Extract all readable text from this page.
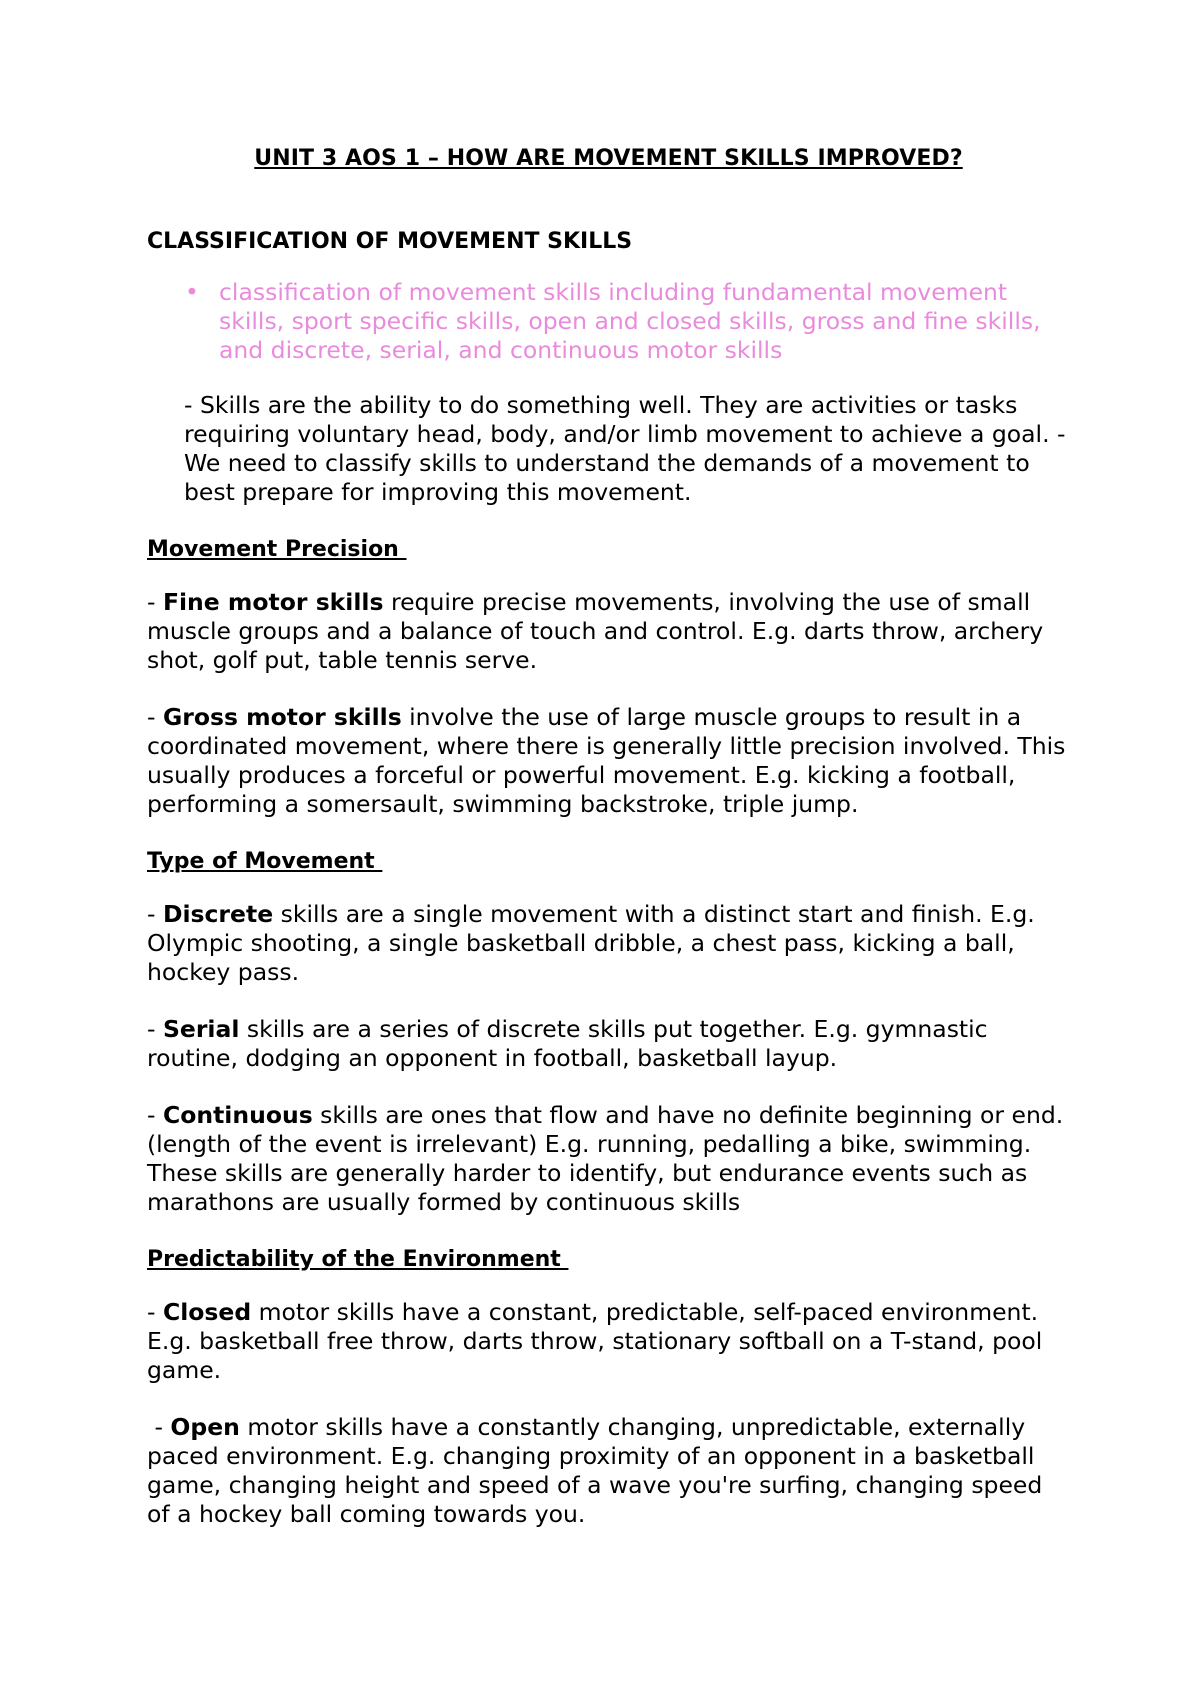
UNIT 3 AOS 1 – HOW ARE MOVEMENT SKILLS IMPROVED?
CLASSIFICATION OF MOVEMENT SKILLS
• classification of movement skills including fundamental movement skills, sport specific skills, open and closed skills, gross and fine skills, and discrete, serial, and continuous motor skills
- Skills are the ability to do something well. They are activities or tasks requiring voluntary head, body, and/or limb movement to achieve a goal. - We need to classify skills to understand the demands of a movement to best prepare for improving this movement.
Movement Precision
- Fine motor skills require precise movements, involving the use of small muscle groups and a balance of touch and control. E.g. darts throw, archery shot, golf put, table tennis serve.
- Gross motor skills involve the use of large muscle groups to result in a coordinated movement, where there is generally little precision involved. This usually produces a forceful or powerful movement. E.g. kicking a football, performing a somersault, swimming backstroke, triple jump.
Type of Movement
- Discrete skills are a single movement with a distinct start and finish. E.g. Olympic shooting, a single basketball dribble, a chest pass, kicking a ball, hockey pass.
- Serial skills are a series of discrete skills put together. E.g. gymnastic routine, dodging an opponent in football, basketball layup.
- Continuous skills are ones that flow and have no definite beginning or end. (length of the event is irrelevant) E.g. running, pedalling a bike, swimming. These skills are generally harder to identify, but endurance events such as marathons are usually formed by continuous skills
Predictability of the Environment
- Closed motor skills have a constant, predictable, self-paced environment. E.g. basketball free throw, darts throw, stationary softball on a T-stand, pool game.
- Open motor skills have a constantly changing, unpredictable, externally paced environment. E.g. changing proximity of an opponent in a basketball game, changing height and speed of a wave you're surfing, changing speed of a hockey ball coming towards you.
